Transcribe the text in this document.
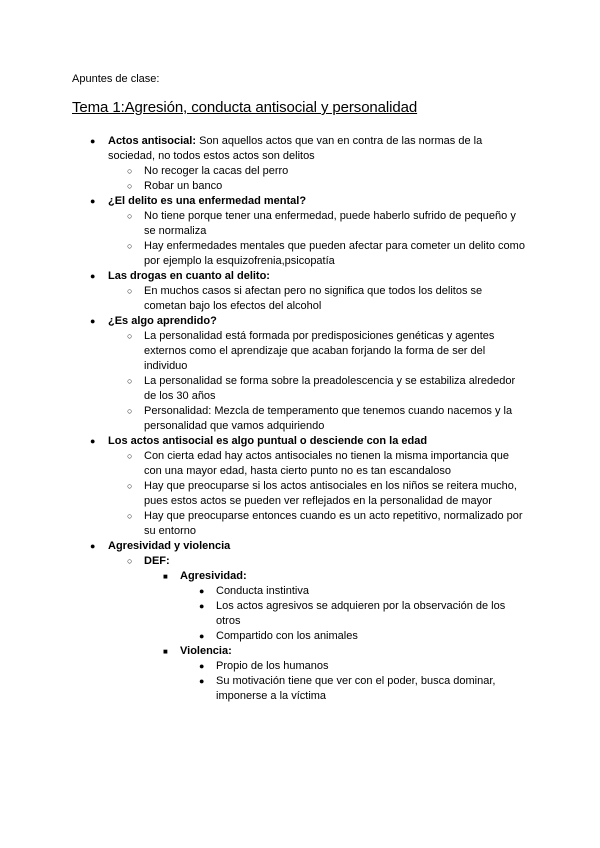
Apuntes de clase:
Tema 1:Agresión, conducta antisocial y personalidad
● Actos antisocial: Son aquellos actos que van en contra de las normas de la sociedad, no todos estos actos son delitos
○ No recoger la cacas del perro
○ Robar un banco
● ¿El delito es una enfermedad mental?
○ No tiene porque tener una enfermedad, puede haberlo sufrido de pequeño y se normaliza
○ Hay enfermedades mentales que pueden afectar para cometer un delito como por ejemplo la esquizofrenia,psicopatía
● Las drogas en cuanto al delito:
○ En muchos casos si afectan pero no significa que todos los delitos se cometan bajo los efectos del alcohol
● ¿Es algo aprendido?
○ La personalidad está formada por predisposiciones genéticas y agentes externos como el aprendizaje que acaban forjando la forma de ser del individuo
○ La personalidad se forma sobre la preadolescencia y se estabiliza alrededor de los 30 años
○ Personalidad: Mezcla de temperamento que tenemos cuando nacemos y la personalidad que vamos adquiriendo
● Los actos antisocial es algo puntual o desciende con la edad
○ Con cierta edad hay actos antisociales no tienen la misma importancia que con una mayor edad, hasta cierto punto no es tan escandaloso
○ Hay que preocuparse si los actos antisociales en los niños se reitera mucho, pues estos actos se pueden ver reflejados en la personalidad de mayor
○ Hay que preocuparse entonces cuando es un acto repetitivo, normalizado por su entorno
● Agresividad y violencia
○ DEF:
■ Agresividad:
● Conducta instintiva
● Los actos agresivos se adquieren por la observación de los otros
● Compartido con los animales
■ Violencia:
● Propio de los humanos
● Su motivación tiene que ver con el poder, busca dominar, imponerse a la víctima
